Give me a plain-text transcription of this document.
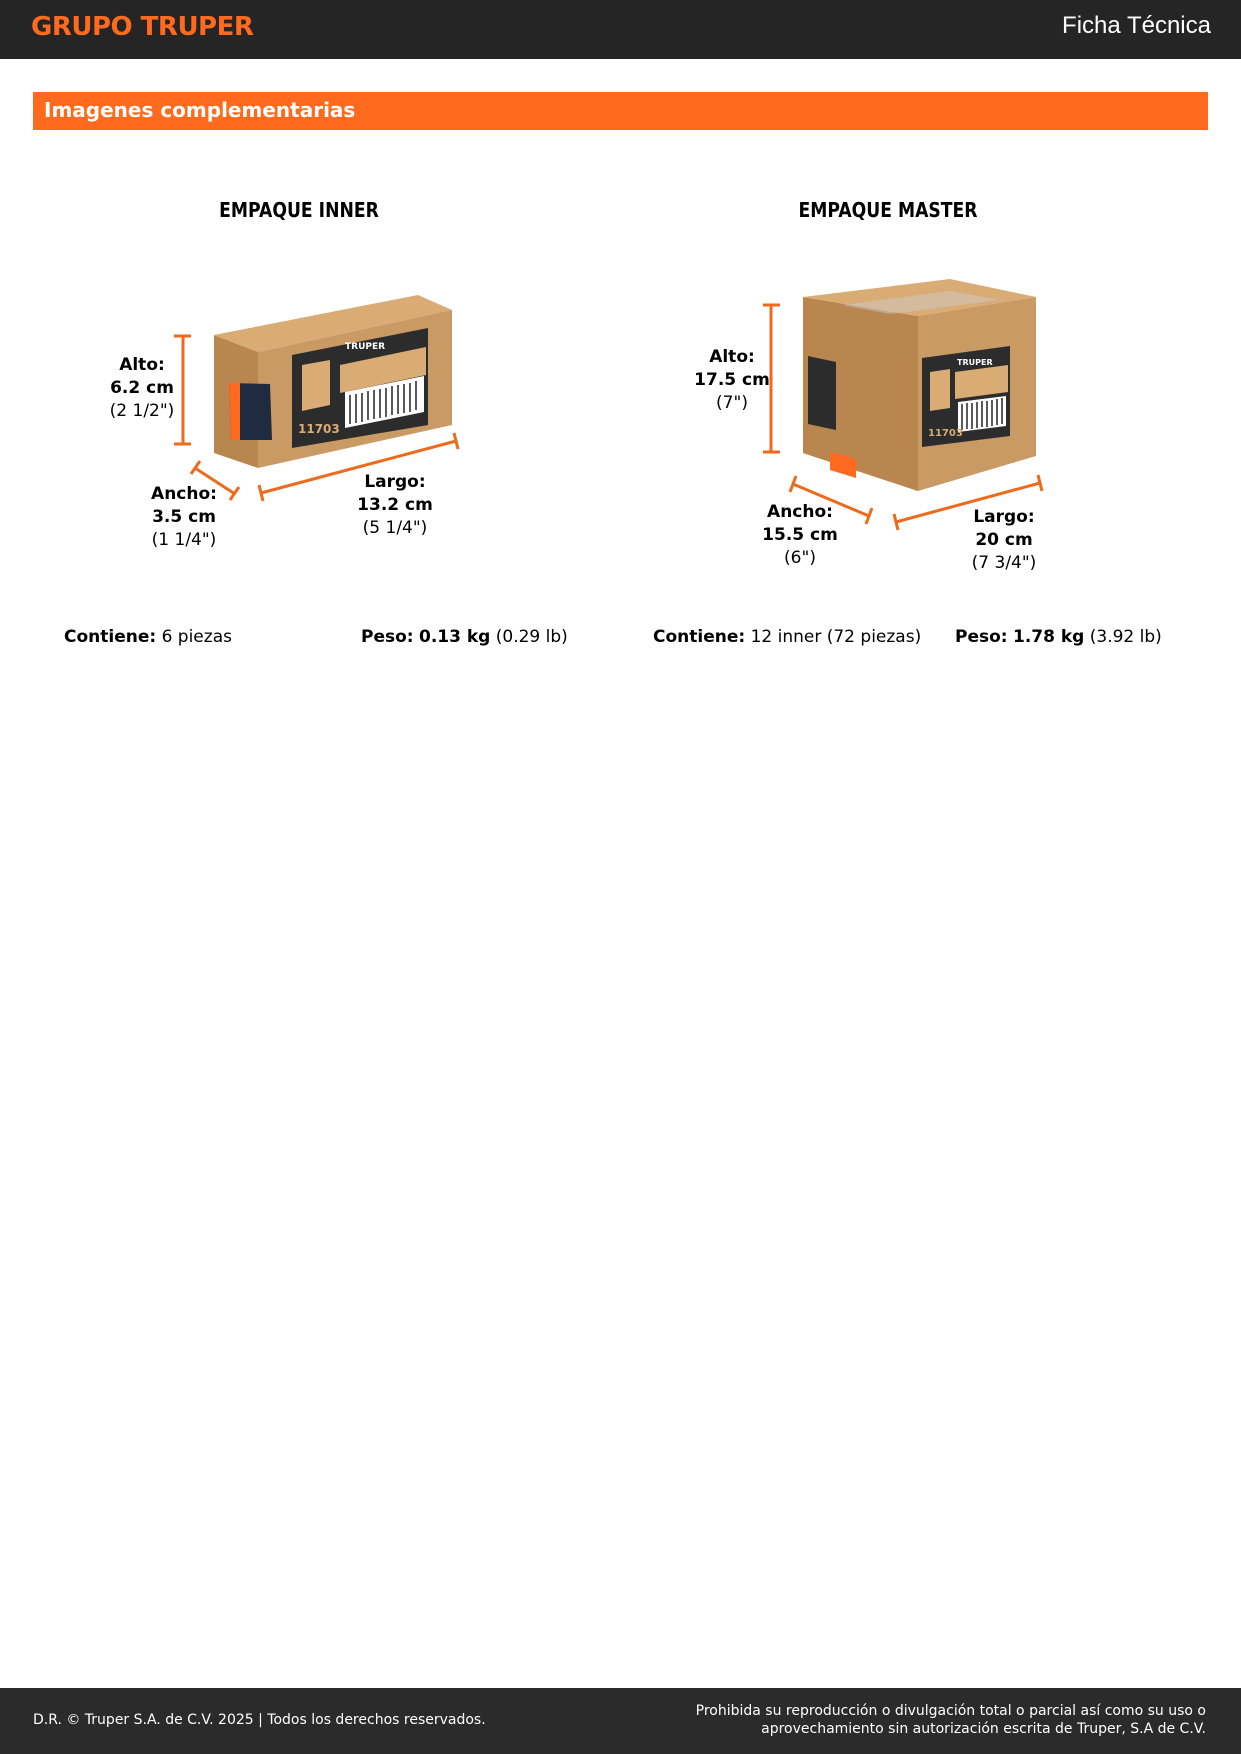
GRUPO TRUPER	Ficha Técnica
Imagenes complementarias
11703
TRUPER
11703
TRUPER
EMPAQUE INNER
Alto:
6.2 cm
(2 1/2")
Ancho:
3.5 cm
(1 1/4")
Largo:
13.2 cm
(5 1/4")
EMPAQUE MASTER
Alto:
17.5 cm
(7")
Ancho:
15.5 cm
(6")
Largo:
20 cm
(7 3/4")
Contiene: 6 piezas	Peso: 0.13 kg (0.29 lb)	Contiene: 12 inner (72 piezas) Peso: 1.78 kg (3.92 lb)
D.R. © Truper S.A. de C.V. 2025 | Todos los derechos reservados.
Prohibida su reproducción o divulgación total o parcial así como su uso o aprovechamiento sin autorización escrita de Truper, S.A de C.V.
